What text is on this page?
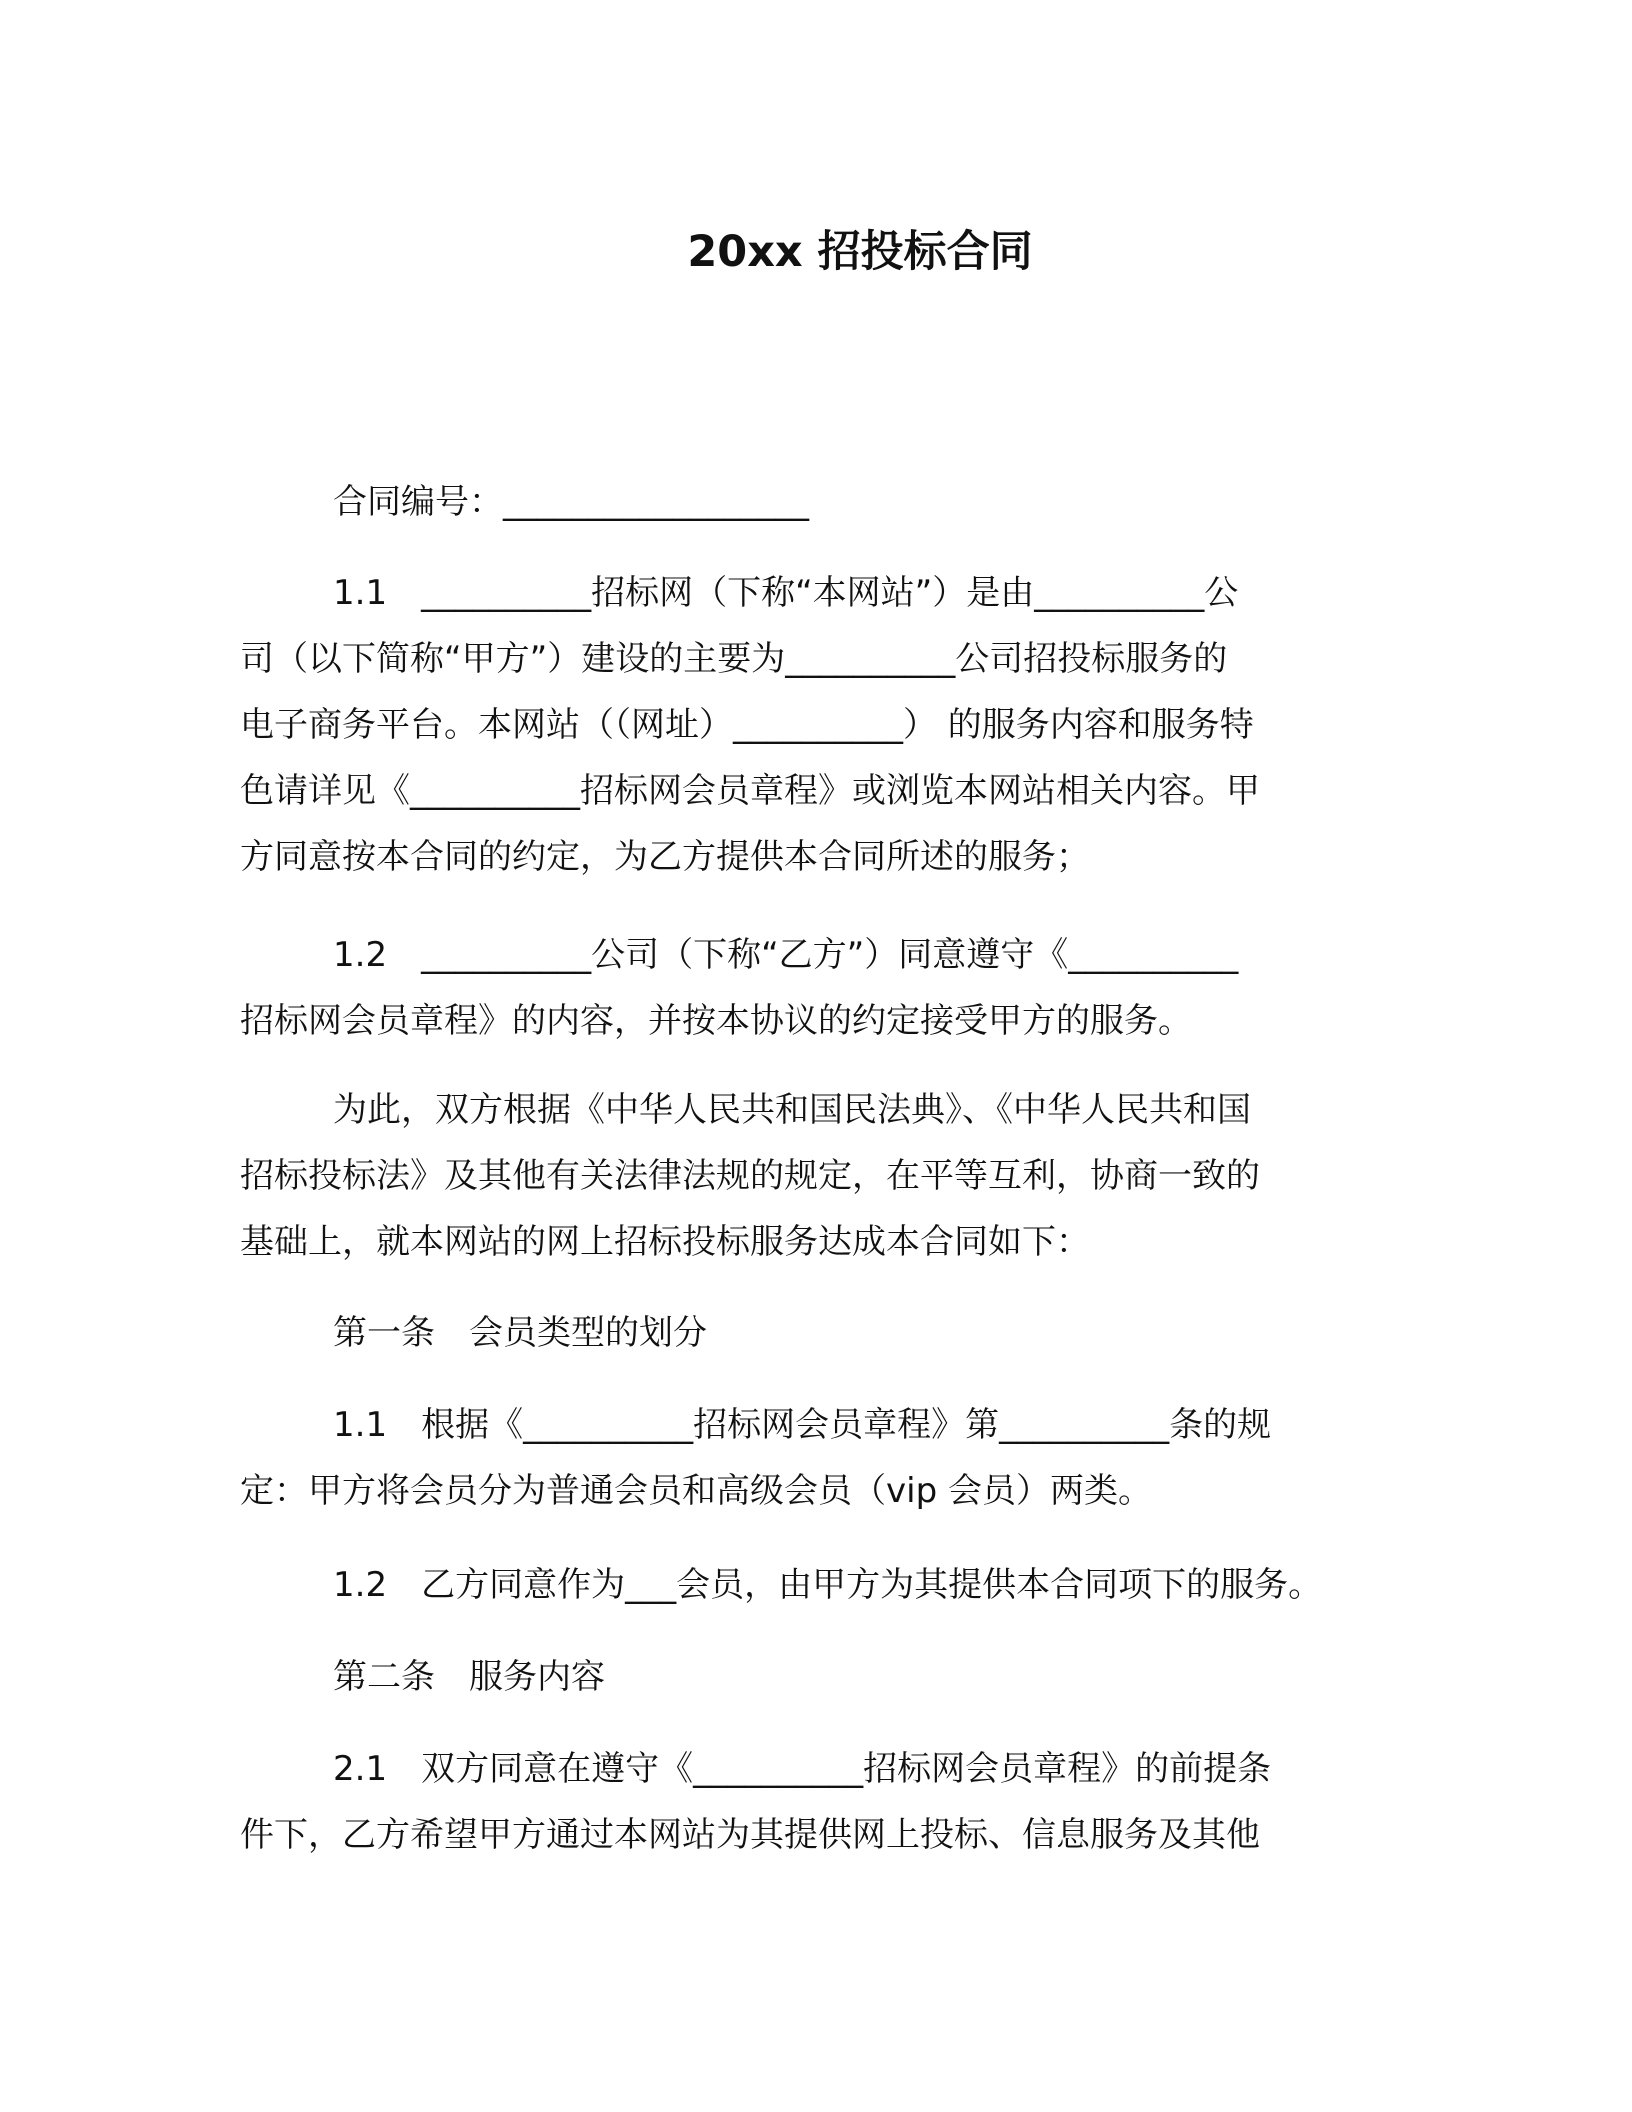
20xx 招投标合同
合同编号：__________________
1.1　__________招标网（下称“本网站”）是由__________公
司（以下简称“甲方”）建设的主要为__________公司招投标服务的
电子商务平台。本网站（（网址）__________） 的服务内容和服务特
色请详见《__________招标网会员章程》或浏览本网站相关内容。甲
方同意按本合同的约定，为乙方提供本合同所述的服务；
1.2　__________公司（下称“乙方”）同意遵守《__________
招标网会员章程》的内容，并按本协议的约定接受甲方的服务。
为此，双方根据《中华人民共和国民法典》、《中华人民共和国
招标投标法》及其他有关法律法规的规定，在平等互利，协商一致的
基础上，就本网站的网上招标投标服务达成本合同如下：
第一条　会员类型的划分
1.1　根据《__________招标网会员章程》第__________条的规
定：甲方将会员分为普通会员和高级会员（vip 会员）两类。
1.2　乙方同意作为___会员，由甲方为其提供本合同项下的服务。
第二条　服务内容
2.1　双方同意在遵守《__________招标网会员章程》的前提条
件下，乙方希望甲方通过本网站为其提供网上投标、信息服务及其他
